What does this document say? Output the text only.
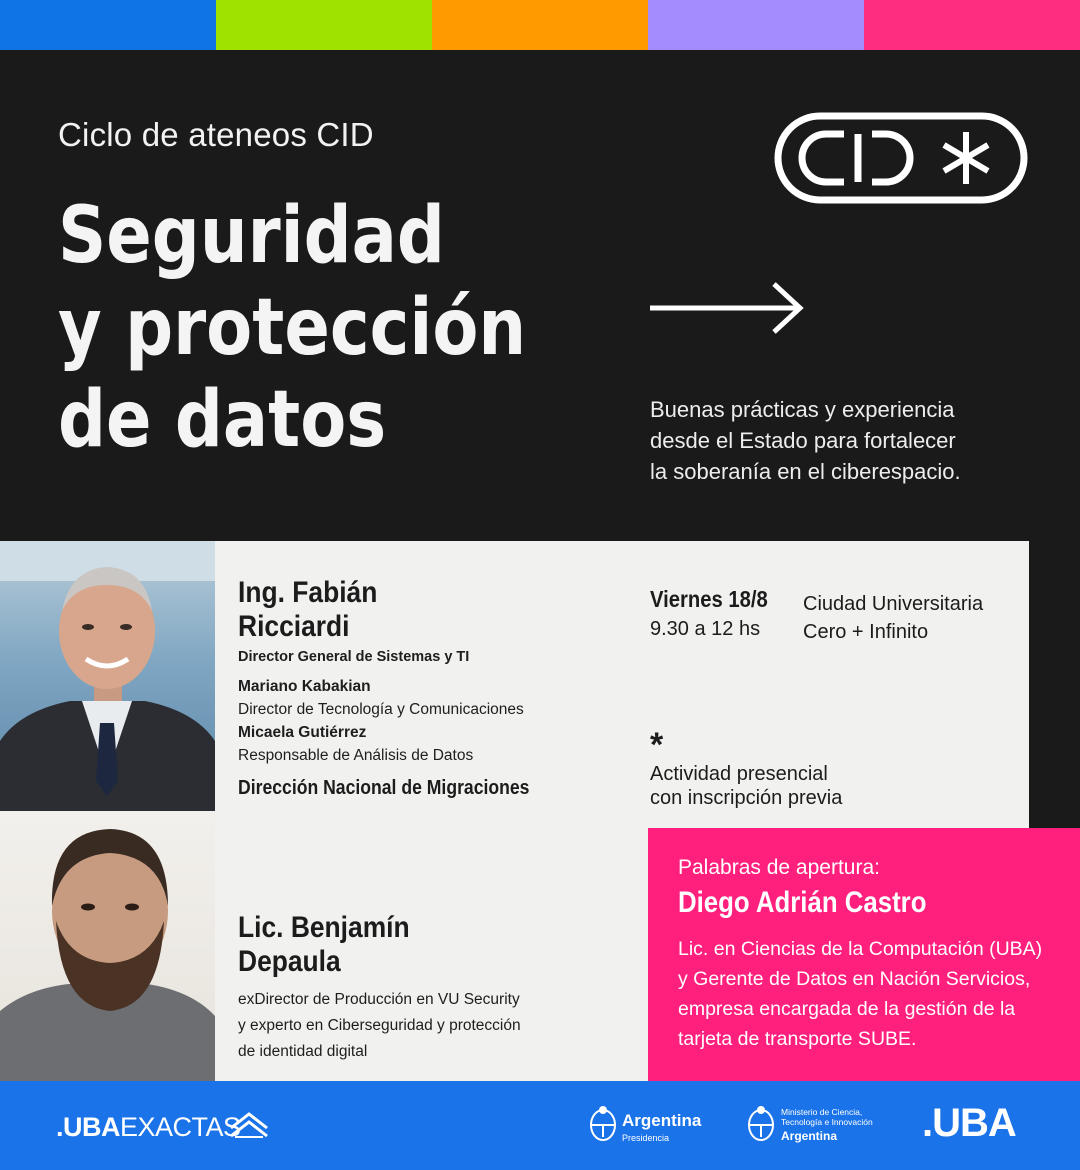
Ciclo de ateneos CID
Seguridad
y protección
de datos	Buenas prácticas y experiencia
desde el Estado para fortalecer
la soberanía en el ciberespacio.
Ing. Fabián
Ricciardi
Director General de Sistemas y TI
Mariano Kabakian
Director de Tecnología y Comunicaciones
Micaela Gutiérrez
Responsable de Análisis de Datos
Dirección Nacional de Migraciones
Lic. Benjamín
Depaula
exDirector de Producción en VU Security
y experto en Ciberseguridad y protección
de identidad digital
Viernes 18/8
9.30 a 12 hs
Ciudad Universitaria
Cero + Infinito
*
Actividad presencial
con inscripción previa
Palabras de apertura:
Diego Adrián Castro
Lic. en Ciencias de la Computación (UBA)
y Gerente de Datos en Nación Servicios,
empresa encargada de la gestión de la
tarjeta de transporte SUBE.
.UBAEXACTAS	Argentina
Presidencia
Ministerio de Ciencia,
Tecnología e Innovación
Argentina .UBA
